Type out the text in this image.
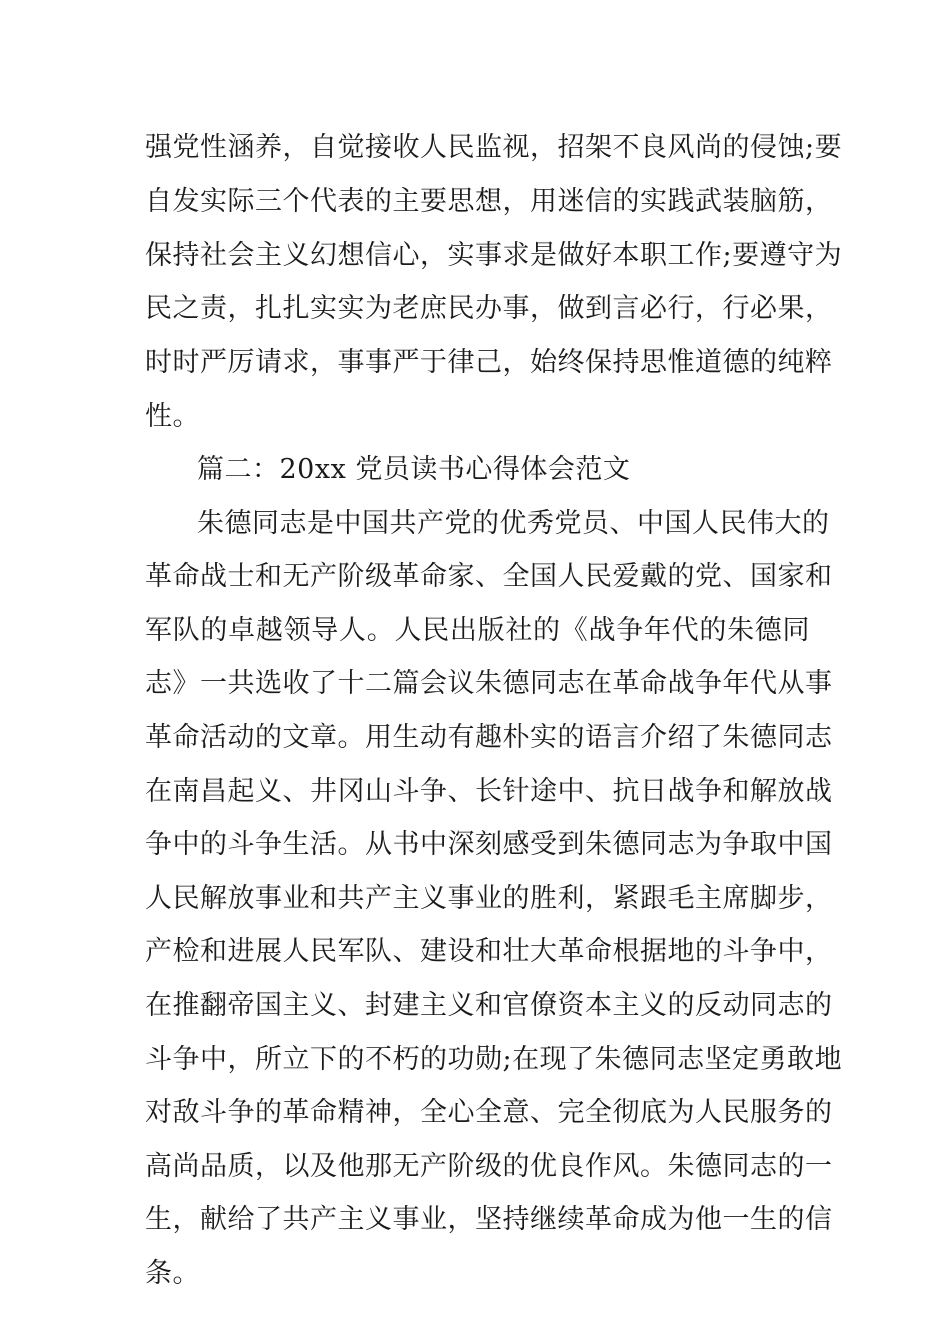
强党性涵养，自觉接收人民监视，招架不良风尚的侵蚀;要
自发实际三个代表的主要思想，用迷信的实践武装脑筋，
保持社会主义幻想信心，实事求是做好本职工作;要遵守为
民之责，扎扎实实为老庶民办事，做到言必行，行必果，
时时严厉请求，事事严于律己，始终保持思惟道德的纯粹
性。
篇二：20xx 党员读书心得体会范文
朱德同志是中国共产党的优秀党员、中国人民伟大的
革命战士和无产阶级革命家、全国人民爱戴的党、国家和
军队的卓越领导人。人民出版社的《战争年代的朱德同
志》一共选收了十二篇会议朱德同志在革命战争年代从事
革命活动的文章。用生动有趣朴实的语言介绍了朱德同志
在南昌起义、井冈山斗争、长针途中、抗日战争和解放战
争中的斗争生活。从书中深刻感受到朱德同志为争取中国
人民解放事业和共产主义事业的胜利，紧跟毛主席脚步，
产检和进展人民军队、建设和壮大革命根据地的斗争中，
在推翻帝国主义、封建主义和官僚资本主义的反动同志的
斗争中，所立下的不朽的功勋;在现了朱德同志坚定勇敢地
对敌斗争的革命精神，全心全意、完全彻底为人民服务的
高尚品质，以及他那无产阶级的优良作风。朱德同志的一
生，献给了共产主义事业，坚持继续革命成为他一生的信
条。
